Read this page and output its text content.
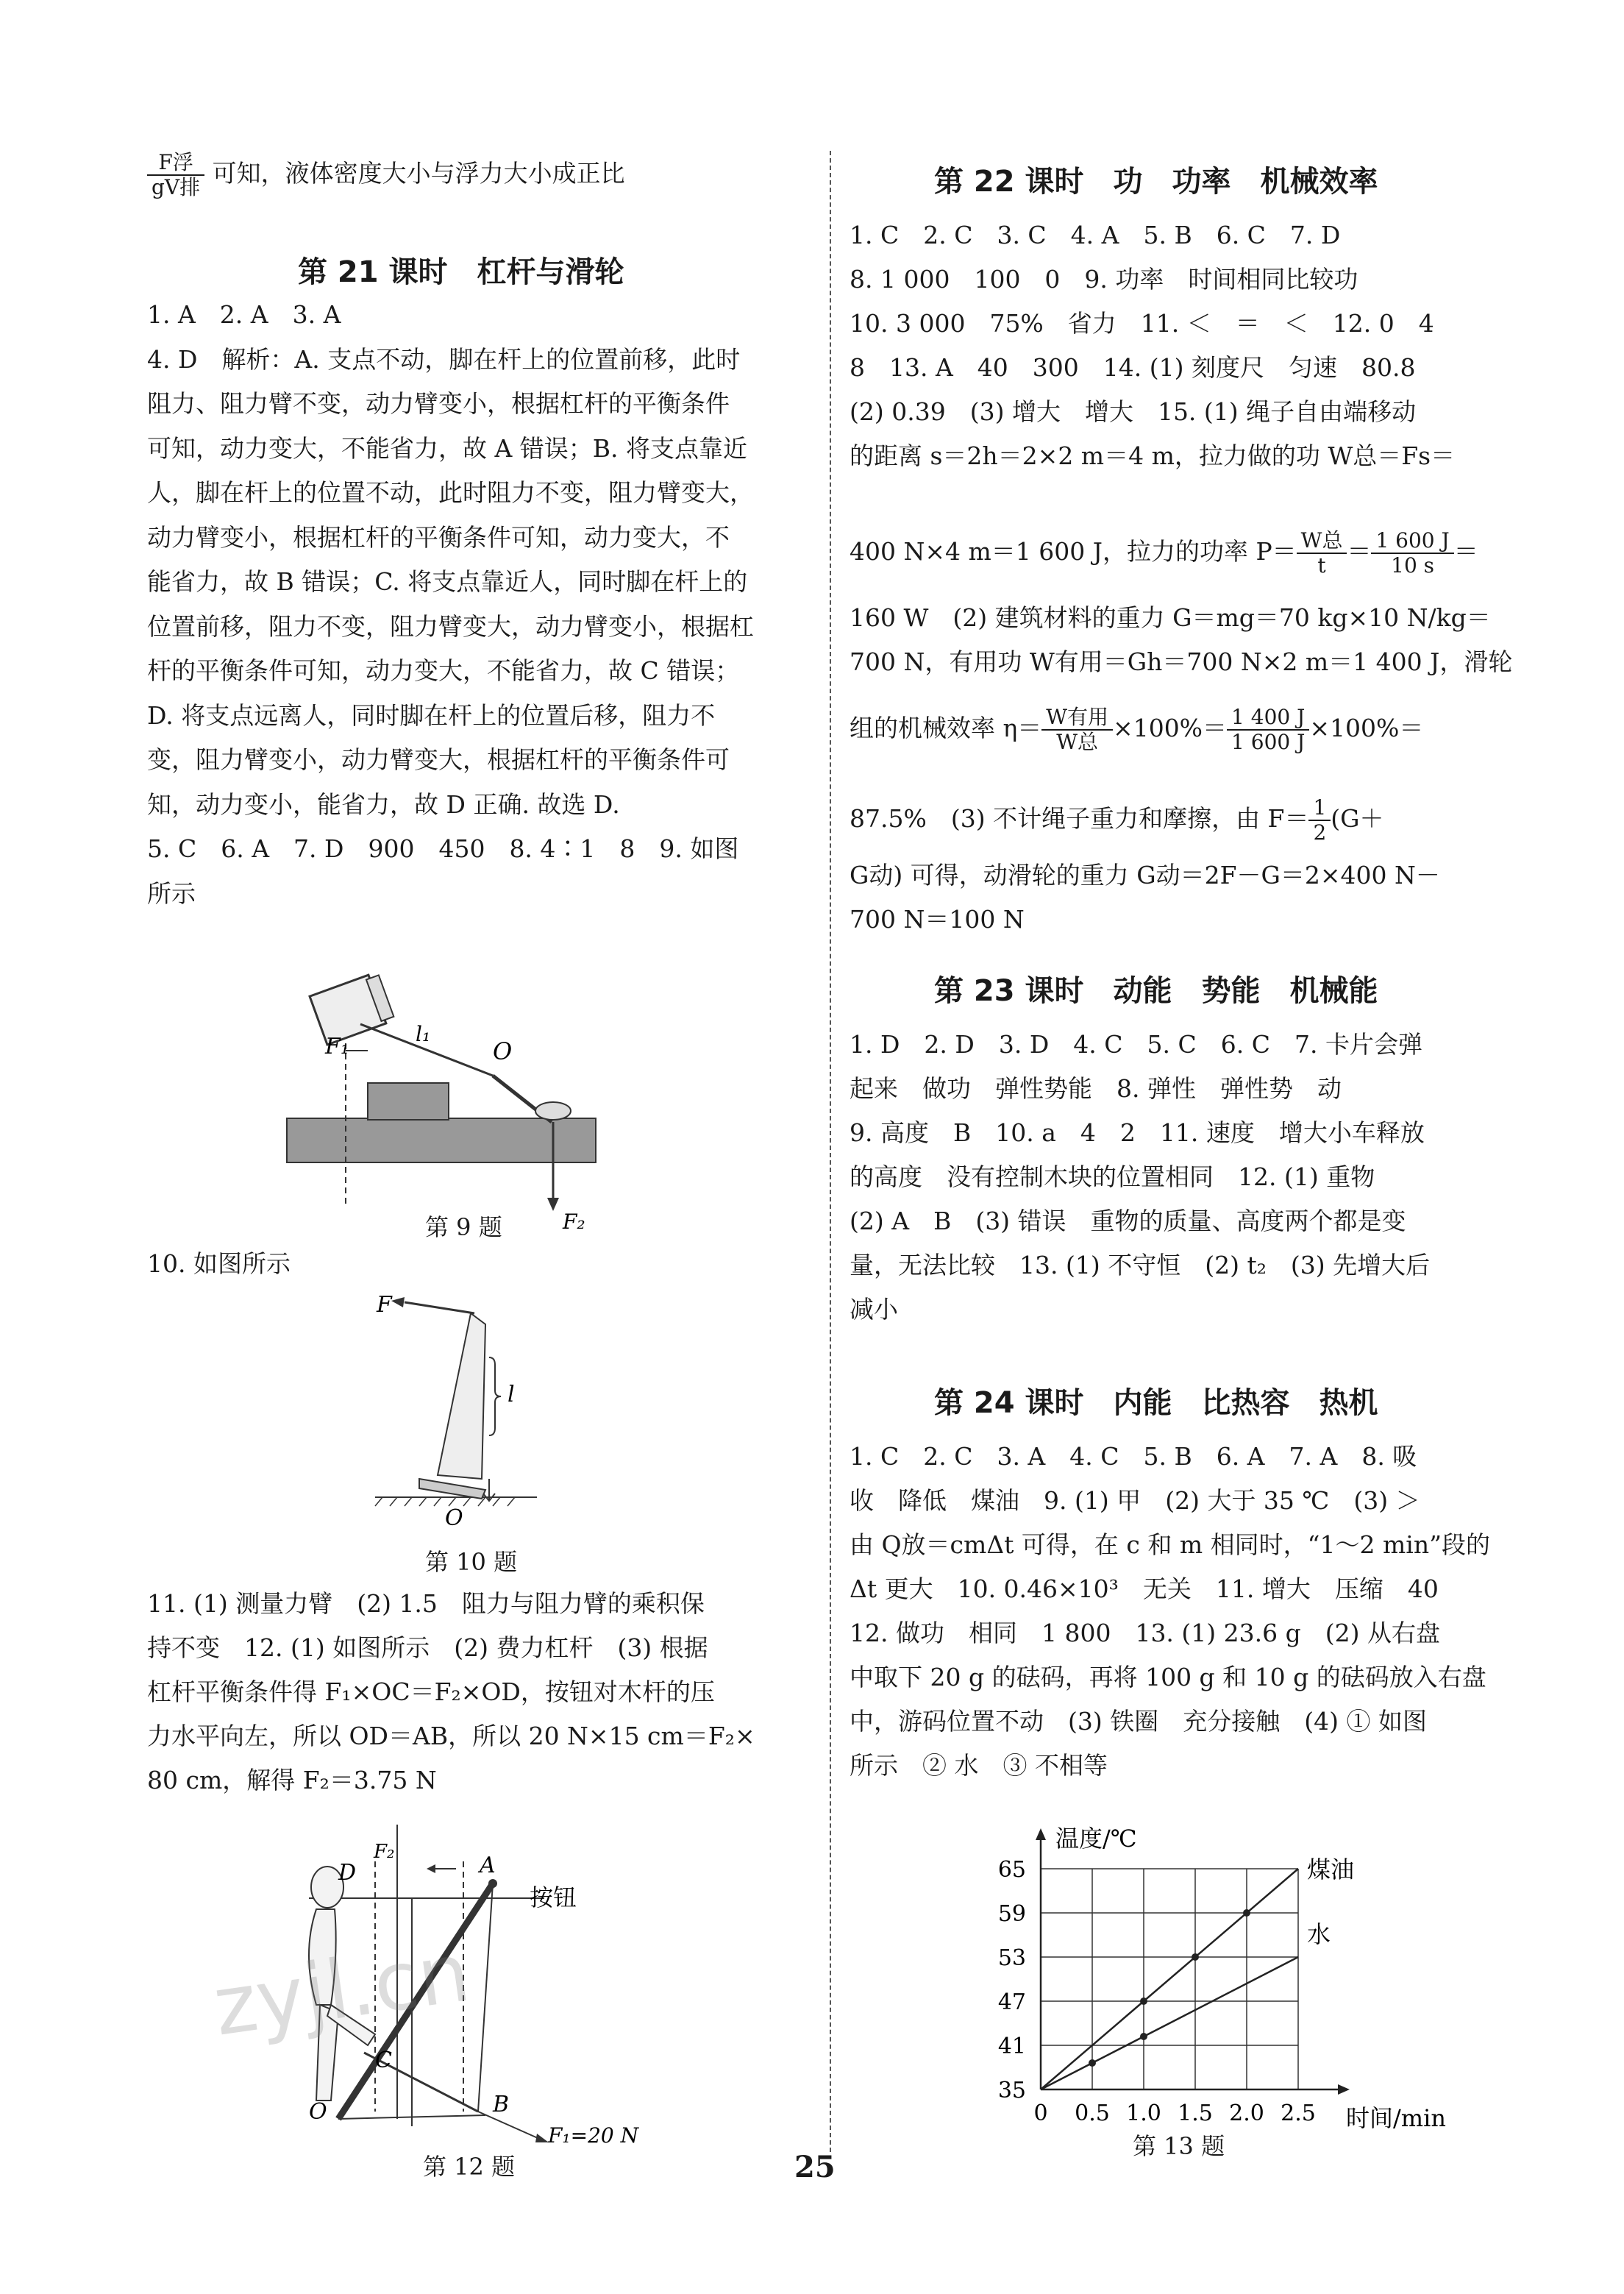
$\frac{\text{F浮}}{\text{gV排}}$ 可知，液体密度大小与浮力大小成正比
第 21 课时　杠杆与滑轮
1. A　2. A　3. A
4. D　解析：A. 支点不动，脚在杆上的位置前移，此时
阻力、阻力臂不变，动力臂变小，根据杠杆的平衡条件
可知，动力变大，不能省力，故 A 错误；B. 将支点靠近
人，脚在杆上的位置不动，此时阻力不变，阻力臂变大，
动力臂变小，根据杠杆的平衡条件可知，动力变大，不
能省力，故 B 错误；C. 将支点靠近人，同时脚在杆上的
位置前移，阻力不变，阻力臂变大，动力臂变小，根据杠
杆的平衡条件可知，动力变大，不能省力，故 C 错误；
D. 将支点远离人，同时脚在杆上的位置后移，阻力不
变，阻力臂变小，动力臂变大，根据杠杆的平衡条件可
知，动力变小，能省力，故 D 正确. 故选 D.
5. C　6. A　7. D　900　450　8. 4∶1　8　9. 如图
所示
F₁	l₁
O
F₂
第 9 题
10. 如图所示
F
l
O
第 10 题
11. (1) 测量力臂　(2) 1.5　阻力与阻力臂的乘积保
持不变　12. (1) 如图所示　(2) 费力杠杆　(3) 根据
杠杆平衡条件得 F₁×OC＝F₂×OD，按钮对木杆的压
力水平向左，所以 OD＝AB，所以 20 N×15 cm＝F₂×
80 cm，解得 F₂＝3.75 N
D
F₂
A
按钮
C
O	B
F₁=20 N
第 12 题
第 22 课时　功　功率　机械效率
1. C　2. C　3. C　4. A　5. B　6. C　7. D
8. 1 000　100　0　9. 功率　时间相同比较功
10. 3 000　75%　省力　11. ＜　＝　＜　12. 0　4
8　13. A　40　300　14. (1) 刻度尺　匀速　80.8
(2) 0.39　(3) 增大　增大　15. (1) 绳子自由端移动
的距离 s＝2h＝2×2 m＝4 m，拉力做的功 W总＝Fs＝
400 N×4 m＝1 600 J，拉力的功率 $P= \frac{\text{W总}}{t} = \frac{1 600 J}{10 s}$ ＝
160 W　(2) 建筑材料的重力 G＝mg＝70 kg×10 N/kg＝
700 N，有用功 W有用＝Gh＝700 N×2 m＝1 400 J，滑轮
组的机械效率 $\eta= \frac{\text{W有用}}{\text{W总}} \times 100\%= \frac{1 400 J}{1 600 J} \times 100\%=$
87.5%　(3) 不计绳子重力和摩擦，由 $F= \frac{1}{2} (G+$
G动) 可得，动滑轮的重力 G动＝2F－G＝2×400 N－
700 N＝100 N
第 23 课时　动能　势能　机械能
1. D　2. D　3. D　4. C　5. C　6. C　7. 卡片会弹
起来　做功　弹性势能　8. 弹性　弹性势　动
9. 高度　B　10. a　4　2　11. 速度　增大小车释放
的高度　没有控制木块的位置相同　12. (1) 重物
(2) A　B　(3) 错误　重物的质量、高度两个都是变
量，无法比较　13. (1) 不守恒　(2) t₂　(3) 先增大后
减小
第 24 课时　内能　比热容　热机
1. C　2. C　3. A　4. C　5. B　6. A　7. A　8. 吸
收　降低　煤油　9. (1) 甲　(2) 大于 35 ℃　(3) ＞
由 Q放＝cmΔt 可得，在 c 和 m 相同时，“1～2 min”段的
Δt 更大　10. 0.46×10³　无关　11. 增大　压缩　40
12. 做功　相同　1 800　13. (1) 23.6 g　(2) 从右盘
中取下 20 g 的砝码，再将 100 g 和 10 g 的砝码放入右盘
中，游码位置不动　(3) 铁圈　充分接触　(4) ① 如图
所示　② 水　③ 不相等
35
41
47
53
59
65
0 0.5 1.0 1.5 2.0 2.5
温度/℃
时间/min
煤油
水
第 13 题
25
zyjl.cn
